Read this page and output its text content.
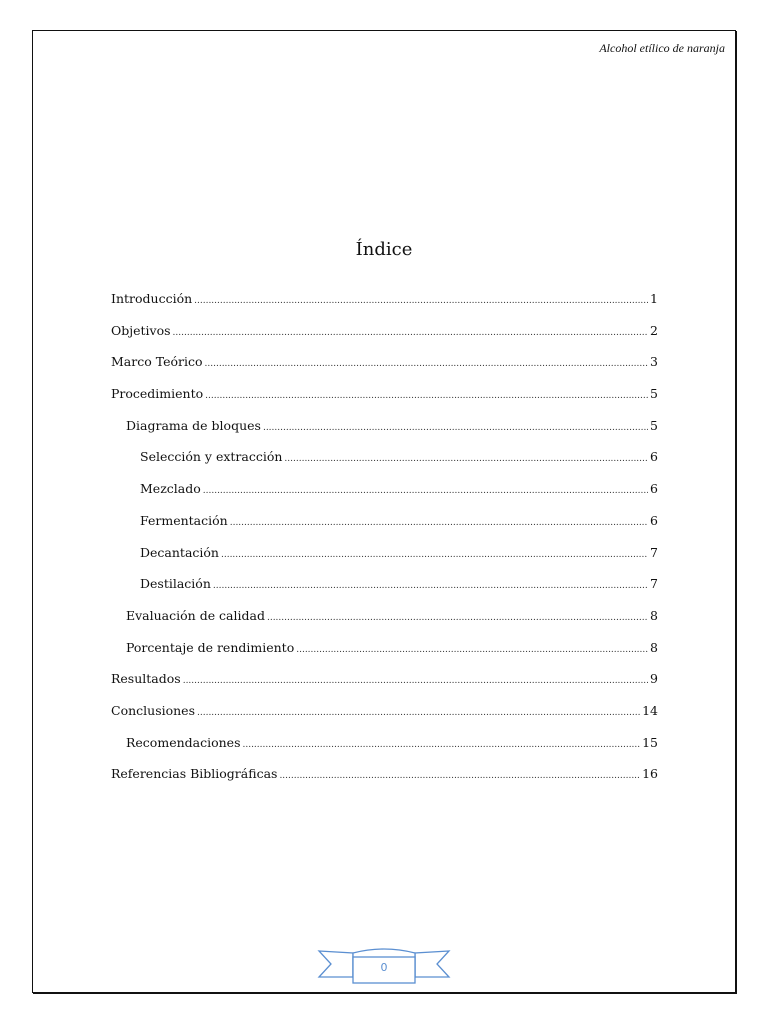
Alcohol etílico de naranja
Índice
Introducción .....	1
Objetivos .....	2
Marco Teórico .....	3
Procedimiento .....	5
Diagrama de bloques .....	5
Selección y extracción .....	6
Mezclado .....	6
Fermentación .....	6
Decantación .....	7
Destilación .....	7
Evaluación de calidad .....	8
Porcentaje de rendimiento .....	8
Resultados .....	9
Conclusiones .....	14
Recomendaciones .....	15
Referencias Bibliográficas .....	16
0
